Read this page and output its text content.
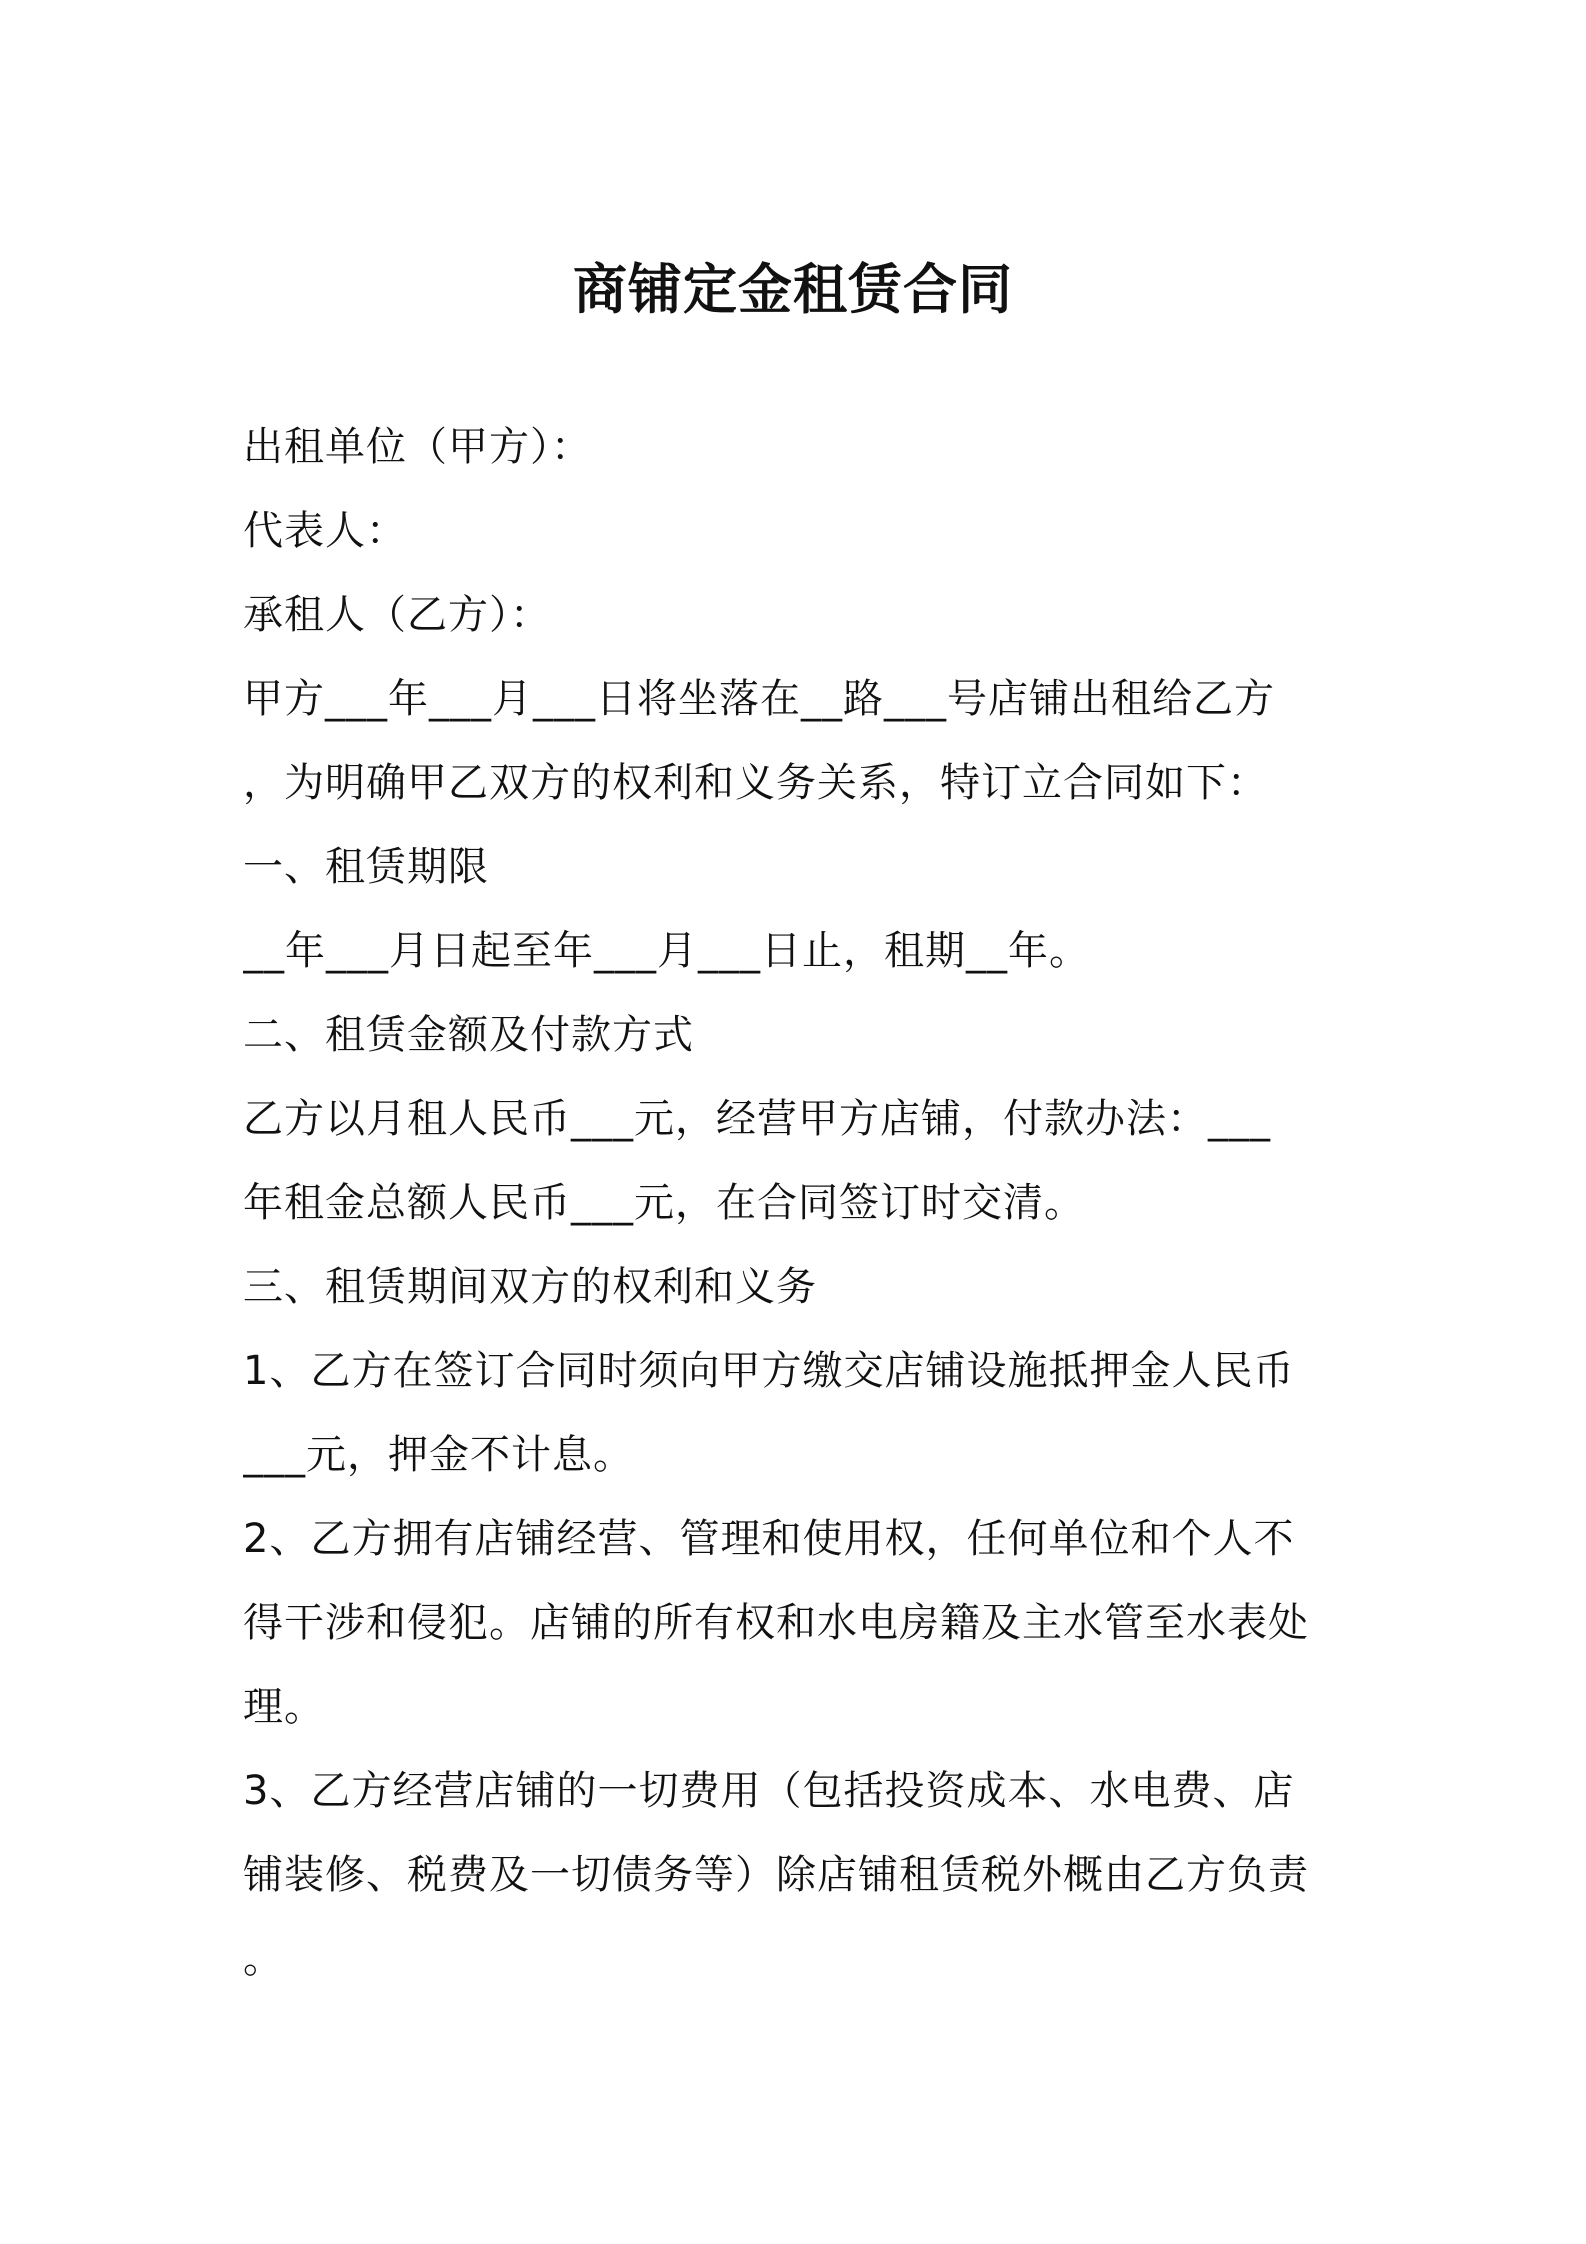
商铺定金租赁合同
出租单位（甲方）：
代表人：
承租人（乙方）：
甲方___年___月___日将坐落在__路___号店铺出租给乙方
，为明确甲乙双方的权利和义务关系，特订立合同如下：
一、租赁期限
__年___月日起至年___月___日止，租期__年。
二、租赁金额及付款方式
乙方以月租人民币___元，经营甲方店铺，付款办法：___
年租金总额人民币___元，在合同签订时交清。
三、租赁期间双方的权利和义务
1、乙方在签订合同时须向甲方缴交店铺设施抵押金人民币
___元，押金不计息。
2、乙方拥有店铺经营、管理和使用权，任何单位和个人不
得干涉和侵犯。店铺的所有权和水电房籍及主水管至水表处
理。
3、乙方经营店铺的一切费用（包括投资成本、水电费、店
铺装修、税费及一切债务等）除店铺租赁税外概由乙方负责
。
